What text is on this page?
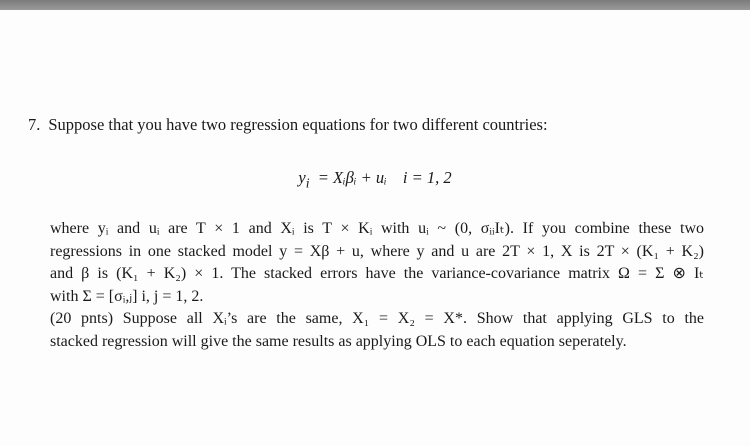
7. Suppose that you have two regression equations for two different countries:
$y_i$ = Xᵢβᵢ + uᵢ i = 1, 2
where yᵢ and uᵢ are T × 1 and Xᵢ is T × Kᵢ with uᵢ ~ (0, σᵢᵢIₜ). If you combine these two
regressions in one stacked model y = Xβ + u, where y and u are 2T × 1, X is 2T × (K₁ + K₂)
and β is (K₁ + K₂) × 1. The stacked errors have the variance-covariance matrix Ω = Σ ⊗ Iₜ
with Σ = [σᵢ,ⱼ] i, j = 1, 2.
(20 pnts) Suppose all Xᵢ’s are the same, X₁ = X₂ = X*. Show that applying GLS to the
stacked regression will give the same results as applying OLS to each equation seperately.
